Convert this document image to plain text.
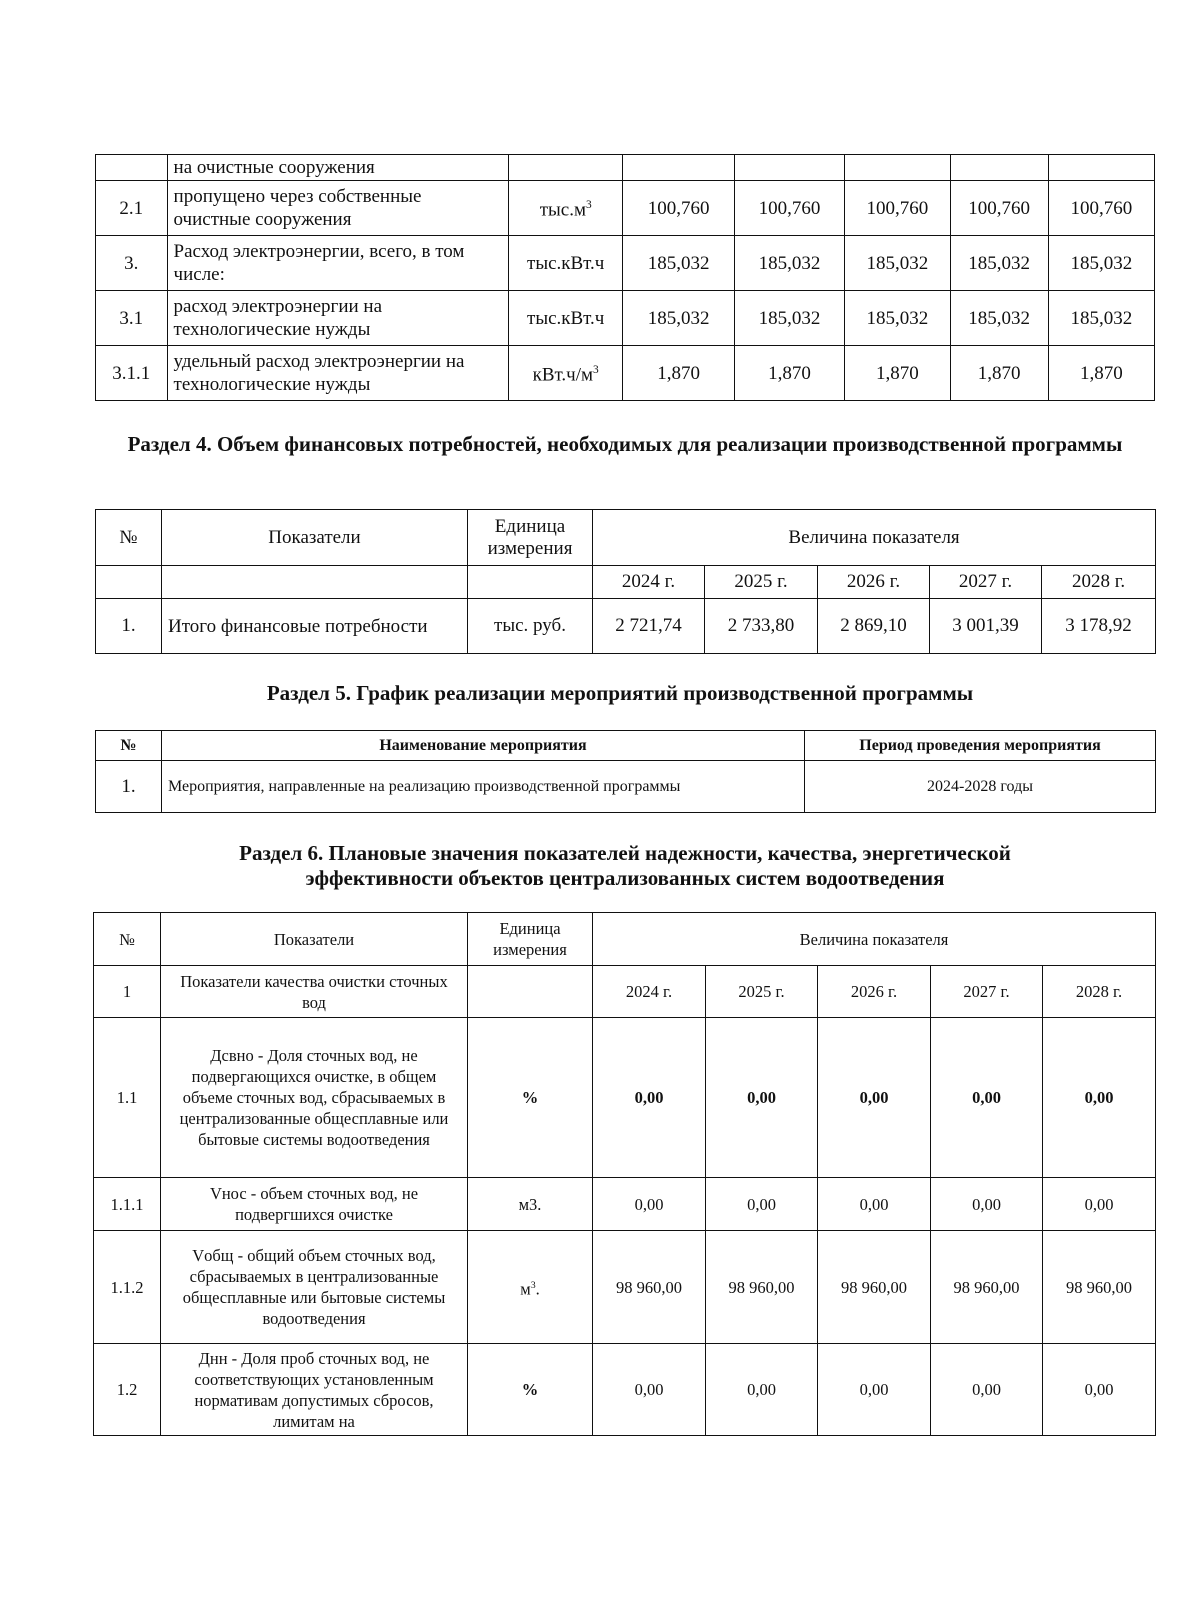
	на очистные сооружения						
2.1	пропущено через собственные очистные сооружения	$тыс.м^3$	100,760	100,760	100,760	100,760	100,760
3.	Расход электроэнергии, всего, в том числе:	тыс.кВт.ч	185,032	185,032	185,032	185,032	185,032
3.1	расход электроэнергии на технологические нужды	тыс.кВт.ч	185,032	185,032	185,032	185,032	185,032
3.1.1	удельный расход электроэнергии на технологические нужды	$кВт.ч/м^3$	1,870	1,870	1,870	1,870	1,870
Раздел 4. Объем финансовых потребностей, необходимых для реализации производственной программы
№	Показатели	Единица измерения	Величина показателя				
			2024 г.	2025 г.	2026 г.	2027 г.	2028 г.
1.	Итого финансовые потребности	тыс. руб.	2 721,74	2 733,80	2 869,10	3 001,39	3 178,92
Раздел 5. График реализации мероприятий производственной программы
№	Наименование мероприятия	Период проведения мероприятия
1.	Мероприятия, направленные на реализацию производственной программы	2024-2028 годы
Раздел 6. Плановые значения показателей надежности, качества, энергетической эффективности объектов централизованных систем водоотведения
№	Показатели	Единица измерения	Величина показателя				
1	Показатели качества очистки сточных вод		2024 г.	2025 г.	2026 г.	2027 г.	2028 г.
1.1	Дсвно - Доля сточных вод, не подвергающихся очистке, в общем объеме сточных вод, сбрасываемых в централизованные общесплавные или бытовые системы водоотведения	%	0,00	0,00	0,00	0,00	0,00
1.1.1	Vнос - объем сточных вод, не подвергшихся очистке	м3.	0,00	0,00	0,00	0,00	0,00
1.1.2	Vобщ - общий объем сточных вод, сбрасываемых в централизованные общесплавные или бытовые системы водоотведения	$м^3$.	98 960,00	98 960,00	98 960,00	98 960,00	98 960,00
1.2	Днн - Доля проб сточных вод, не соответствующих установленным нормативам допустимых сбросов, лимитам на	%	0,00	0,00	0,00	0,00	0,00
